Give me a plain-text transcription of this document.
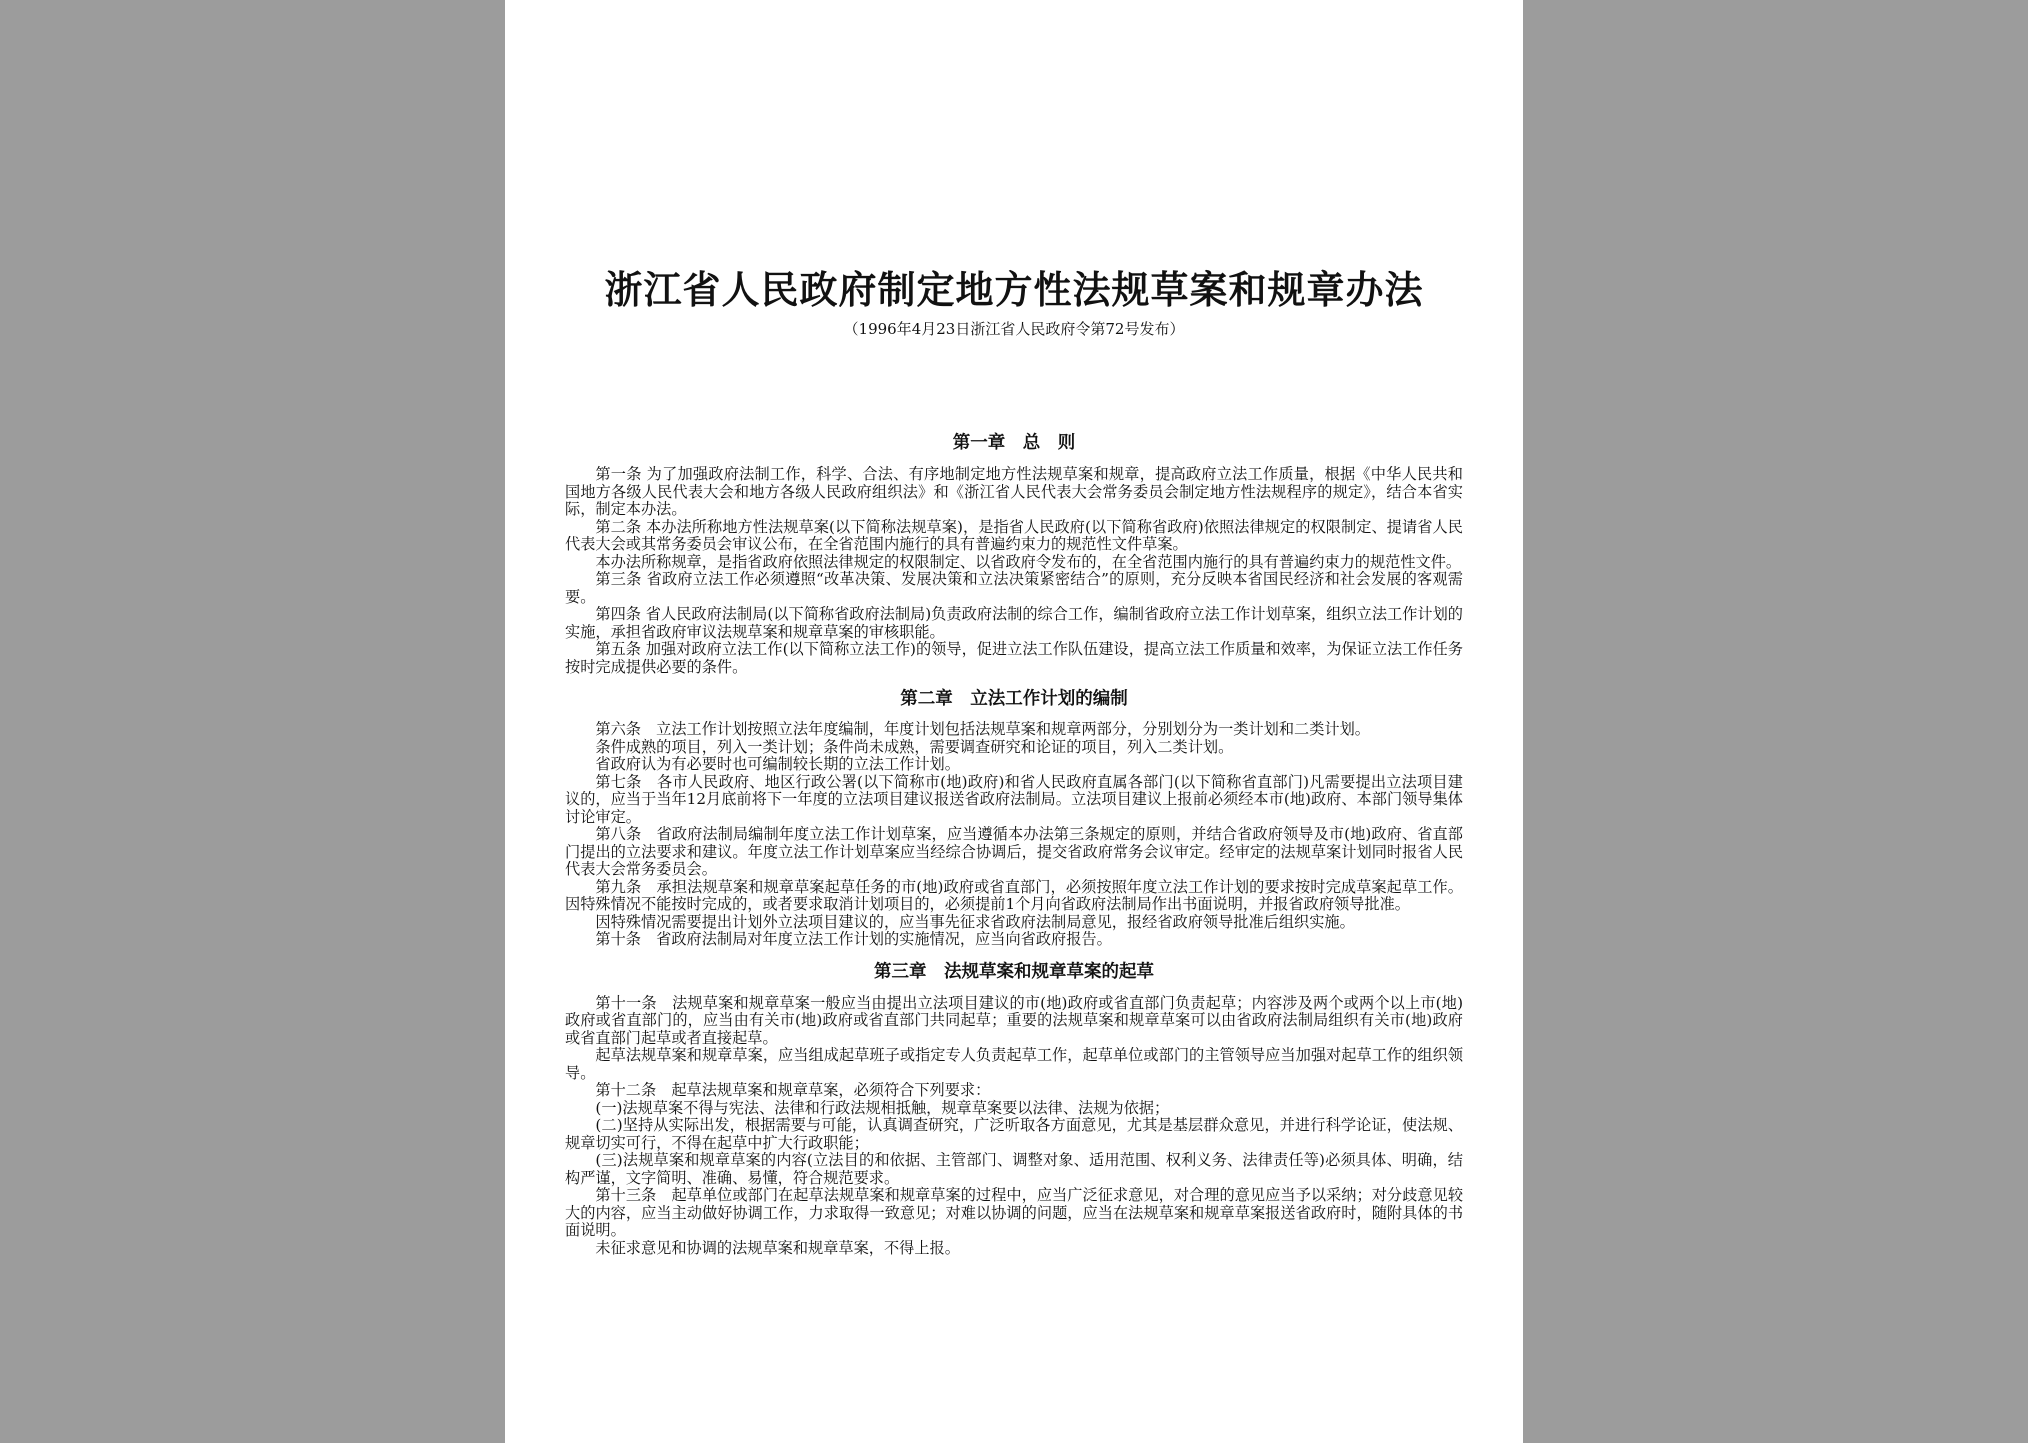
浙江省人民政府制定地方性法规草案和规章办法

（1996年4月23日浙江省人民政府令第72号发布）

第一章　总　则

第一条 为了加强政府法制工作，科学、合法、有序地制定地方性法规草案和规章，提高政府立法工作质量，根据《中华人民共和国地方各级人民代表大会和地方各级人民政府组织法》和《浙江省人民代表大会常务委员会制定地方性法规程序的规定》，结合本省实际，制定本办法。

第二条 本办法所称地方性法规草案(以下简称法规草案)，是指省人民政府(以下简称省政府)依照法律规定的权限制定、提请省人民代表大会或其常务委员会审议公布，在全省范围内施行的具有普遍约束力的规范性文件草案。

本办法所称规章，是指省政府依照法律规定的权限制定、以省政府令发布的，在全省范围内施行的具有普遍约束力的规范性文件。

第三条 省政府立法工作必须遵照“改革决策、发展决策和立法决策紧密结合”的原则，充分反映本省国民经济和社会发展的客观需要。

第四条 省人民政府法制局(以下简称省政府法制局)负责政府法制的综合工作，编制省政府立法工作计划草案，组织立法工作计划的实施，承担省政府审议法规草案和规章草案的审核职能。

第五条 加强对政府立法工作(以下简称立法工作)的领导，促进立法工作队伍建设，提高立法工作质量和效率，为保证立法工作任务按时完成提供必要的条件。

第二章　立法工作计划的编制

第六条　立法工作计划按照立法年度编制，年度计划包括法规草案和规章两部分，分别划分为一类计划和二类计划。

条件成熟的项目，列入一类计划；条件尚未成熟，需要调查研究和论证的项目，列入二类计划。

省政府认为有必要时也可编制较长期的立法工作计划。

第七条　各市人民政府、地区行政公署(以下简称市(地)政府)和省人民政府直属各部门(以下简称省直部门)凡需要提出立法项目建议的，应当于当年12月底前将下一年度的立法项目建议报送省政府法制局。立法项目建议上报前必须经本市(地)政府、本部门领导集体讨论审定。

第八条　省政府法制局编制年度立法工作计划草案，应当遵循本办法第三条规定的原则，并结合省政府领导及市(地)政府、省直部门提出的立法要求和建议。年度立法工作计划草案应当经综合协调后，提交省政府常务会议审定。经审定的法规草案计划同时报省人民代表大会常务委员会。

第九条　承担法规草案和规章草案起草任务的市(地)政府或省直部门，必须按照年度立法工作计划的要求按时完成草案起草工作。因特殊情况不能按时完成的，或者要求取消计划项目的，必须提前1个月向省政府法制局作出书面说明，并报省政府领导批准。

因特殊情况需要提出计划外立法项目建议的，应当事先征求省政府法制局意见，报经省政府领导批准后组织实施。

第十条　省政府法制局对年度立法工作计划的实施情况，应当向省政府报告。

第三章　法规草案和规章草案的起草

第十一条　法规草案和规章草案一般应当由提出立法项目建议的市(地)政府或省直部门负责起草；内容涉及两个或两个以上市(地)政府或省直部门的，应当由有关市(地)政府或省直部门共同起草；重要的法规草案和规章草案可以由省政府法制局组织有关市(地)政府或省直部门起草或者直接起草。

起草法规草案和规章草案，应当组成起草班子或指定专人负责起草工作，起草单位或部门的主管领导应当加强对起草工作的组织领导。

第十二条　起草法规草案和规章草案，必须符合下列要求：

(一)法规草案不得与宪法、法律和行政法规相抵触，规章草案要以法律、法规为依据；

(二)坚持从实际出发，根据需要与可能，认真调查研究，广泛听取各方面意见，尤其是基层群众意见，并进行科学论证，使法规、规章切实可行，不得在起草中扩大行政职能；

(三)法规草案和规章草案的内容(立法目的和依据、主管部门、调整对象、适用范围、权利义务、法律责任等)必须具体、明确，结构严谨，文字简明、准确、易懂，符合规范要求。

第十三条　起草单位或部门在起草法规草案和规章草案的过程中，应当广泛征求意见，对合理的意见应当予以采纳；对分歧意见较大的内容，应当主动做好协调工作，力求取得一致意见；对难以协调的问题，应当在法规草案和规章草案报送省政府时，随附具体的书面说明。

未征求意见和协调的法规草案和规章草案，不得上报。
